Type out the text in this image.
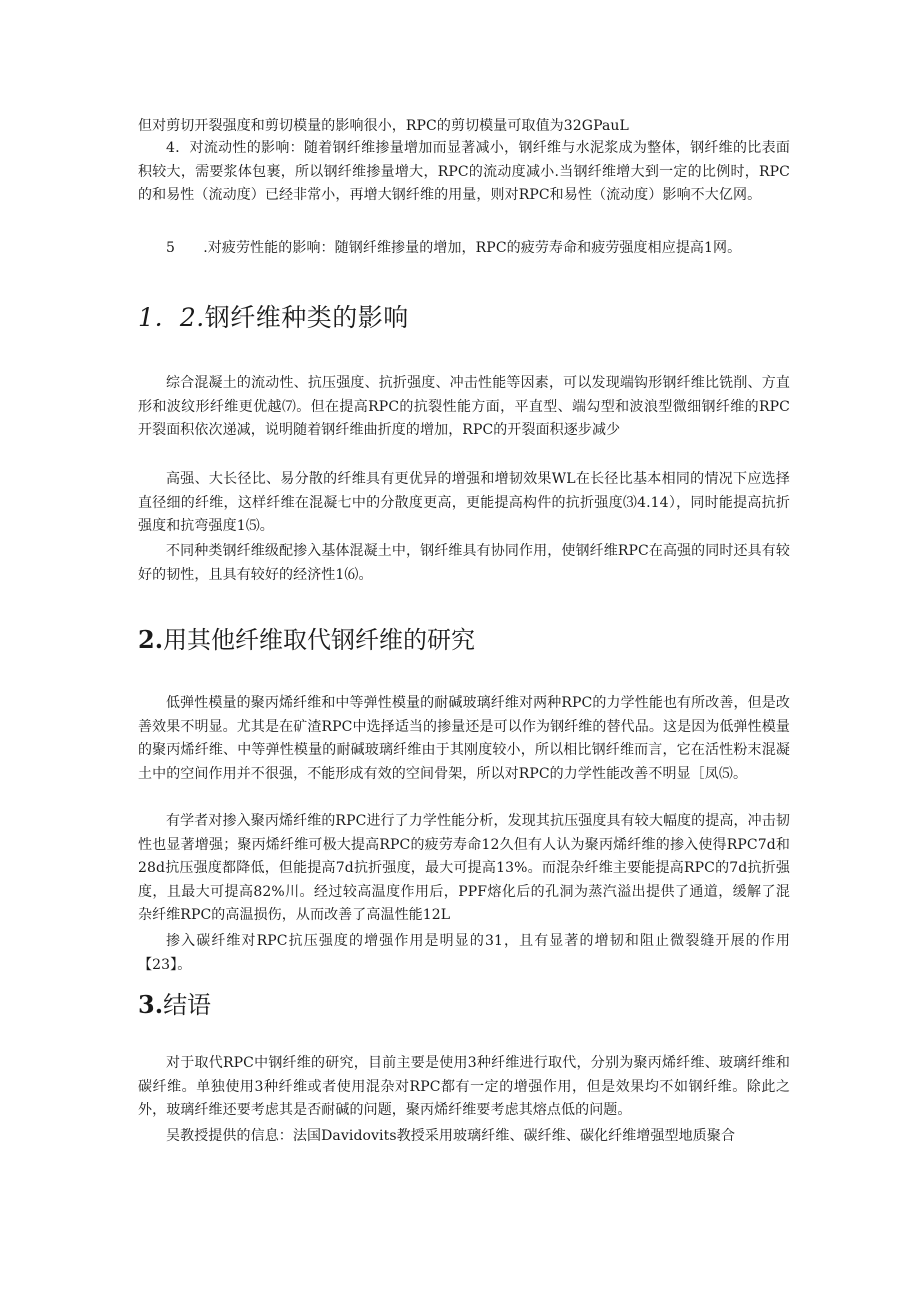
但对剪切开裂强度和剪切模量的影响很小，RPC的剪切模量可取值为32GPauL

4．对流动性的影响：随着钢纤维掺量增加而显著减小，钢纤维与水泥浆成为整体，钢纤维的比表面积较大，需要浆体包裹，所以钢纤维掺量增大，RPC的流动度减小.当钢纤维增大到一定的比例时，RPC的和易性（流动度）已经非常小，再增大钢纤维的用量，则对RPC和易性（流动度）影响不大亿网。

5　　.对疲劳性能的影响：随钢纤维掺量的增加，RPC的疲劳寿命和疲劳强度相应提高1网。

1．2.钢纤维种类的影响

综合混凝土的流动性、抗压强度、抗折强度、冲击性能等因素，可以发现端钩形钢纤维比铣削、方直形和波纹形纤维更优越⑺。但在提高RPC的抗裂性能方面，平直型、端勾型和波浪型微细钢纤维的RPC开裂面积依次递减，说明随着钢纤维曲折度的增加，RPC的开裂面积逐步减少

高强、大长径比、易分散的纤维具有更优异的增强和增韧效果WL在长径比基本相同的情况下应选择直径细的纤维，这样纤维在混凝七中的分散度更高，更能提高构件的抗折强度⑶4.14），同时能提高抗折强度和抗弯强度1⑸。

不同种类钢纤维级配掺入基体混凝土中，钢纤维具有协同作用，使钢纤维RPC在高强的同时还具有较好的韧性，且具有较好的经济性1⑹。

2.用其他纤维取代钢纤维的研究

低弹性模量的聚丙烯纤维和中等弹性模量的耐碱玻璃纤维对两种RPC的力学性能也有所改善，但是改善效果不明显。尤其是在矿渣RPC中选择适当的掺量还是可以作为钢纤维的替代品。这是因为低弹性模量的聚丙烯纤维、中等弹性模量的耐碱玻璃纤维由于其刚度较小，所以相比钢纤维而言，它在活性粉末混凝土中的空间作用并不很强，不能形成有效的空间骨架，所以对RPC的力学性能改善不明显［凤⑸。

有学者对掺入聚丙烯纤维的RPC进行了力学性能分析，发现其抗压强度具有较大幅度的提高，冲击韧性也显著增强；聚丙烯纤维可极大提高RPC的疲劳寿命12久但有人认为聚丙烯纤维的掺入使得RPC7d和28d抗压强度都降低，但能提高7d抗折强度，最大可提高13%。而混杂纤维主要能提高RPC的7d抗折强度，且最大可提高82%川。经过较高温度作用后，PPF熔化后的孔洞为蒸汽溢出提供了通道，缓解了混杂纤维RPC的高温损伤，从而改善了高温性能12L

掺入碳纤维对RPC抗压强度的增强作用是明显的31，且有显著的增韧和阻止微裂缝开展的作用【23】。

3.结语

对于取代RPC中钢纤维的研究，目前主要是使用3种纤维进行取代，分别为聚丙烯纤维、玻璃纤维和碳纤维。单独使用3种纤维或者使用混杂对RPC都有一定的增强作用，但是效果均不如钢纤维。除此之外，玻璃纤维还要考虑其是否耐碱的问题，聚丙烯纤维要考虑其熔点低的问题。

吴教授提供的信息：法国Davidovits教授采用玻璃纤维、碳纤维、碳化纤维增强型地质聚合
